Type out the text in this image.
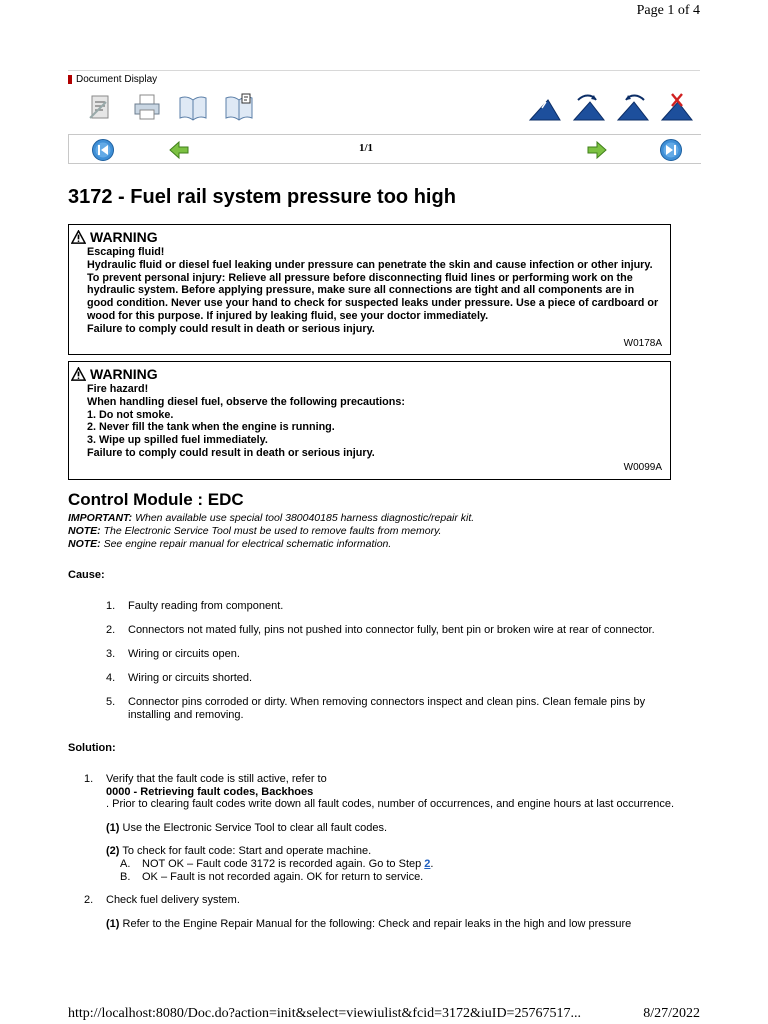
Page 1 of 4
Document Display
1/1
3172 - Fuel rail system pressure too high
WARNING
Escaping fluid!
Hydraulic fluid or diesel fuel leaking under pressure can penetrate the skin and cause infection or other injury. To prevent personal injury: Relieve all pressure before disconnecting fluid lines or performing work on the hydraulic system. Before applying pressure, make sure all connections are tight and all components are in good condition. Never use your hand to check for suspected leaks under pressure. Use a piece of cardboard or wood for this purpose. If injured by leaking fluid, see your doctor immediately.
Failure to comply could result in death or serious injury.
W0178A
WARNING
Fire hazard!
When handling diesel fuel, observe the following precautions:
1. Do not smoke.
2. Never fill the tank when the engine is running.
3. Wipe up spilled fuel immediately.
Failure to comply could result in death or serious injury.
W0099A
Control Module : EDC
IMPORTANT: When available use special tool 380040185 harness diagnostic/repair kit.
NOTE: The Electronic Service Tool must be used to remove faults from memory.
NOTE: See engine repair manual for electrical schematic information.
Cause:
1. Faulty reading from component.
2. Connectors not mated fully, pins not pushed into connector fully, bent pin or broken wire at rear of connector.
3. Wiring or circuits open.
4. Wiring or circuits shorted.
5. Connector pins corroded or dirty. When removing connectors inspect and clean pins. Clean female pins by installing and removing.
Solution:
1. Verify that the fault code is still active, refer to
0000 - Retrieving fault codes, Backhoes
. Prior to clearing fault codes write down all fault codes, number of occurrences, and engine hours at last occurrence.
(1) Use the Electronic Service Tool to clear all fault codes.
(2) To check for fault code: Start and operate machine.
A. NOT OK – Fault code 3172 is recorded again. Go to Step 2.
B. OK – Fault is not recorded again. OK for return to service.
2. Check fuel delivery system.
(1) Refer to the Engine Repair Manual for the following: Check and repair leaks in the high and low pressure
http://localhost:8080/Doc.do?action=init&select=viewiulist&fcid=3172&iuID=25767517...	8/27/2022
